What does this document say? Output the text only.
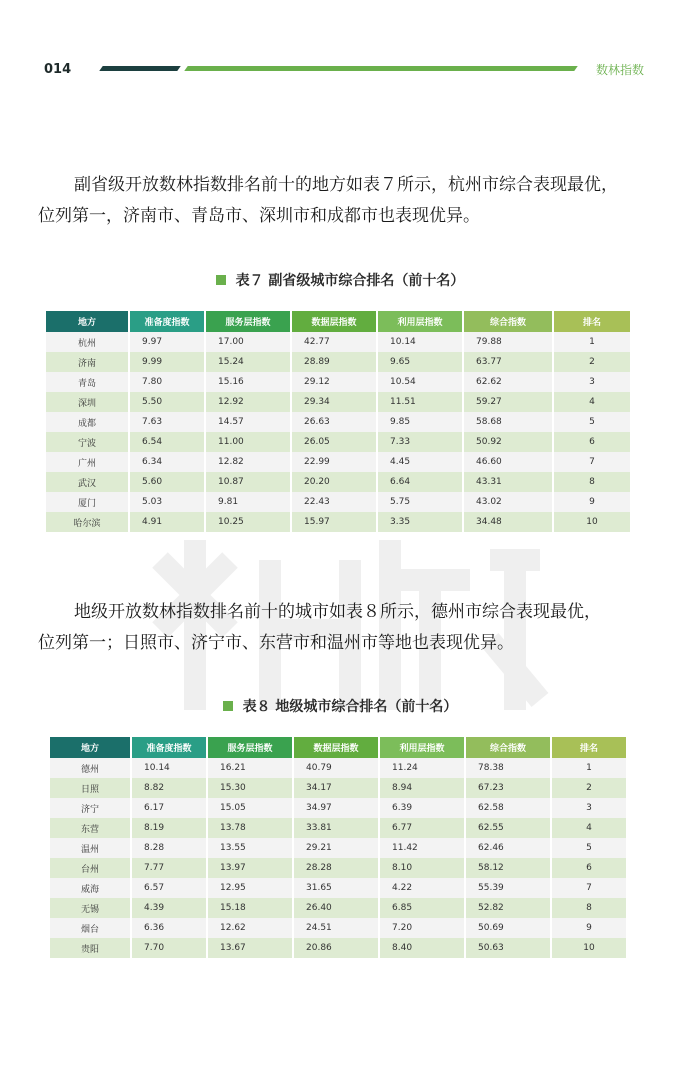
014	数林指数
副省级开放数林指数排名前十的地方如表７所示，杭州市综合表现最优，
位列第一，济南市、青岛市、深圳市和成都市也表现优异。
表７ 副省级城市综合排名（前十名）
地方	准备度指数	服务层指数	数据层指数	利用层指数	综合指数	排名
杭州	9.97	17.00	42.77	10.14	79.88	1
济南	9.99	15.24	28.89	9.65	63.77	2
青岛	7.80	15.16	29.12	10.54	62.62	3
深圳	5.50	12.92	29.34	11.51	59.27	4
成都	7.63	14.57	26.63	9.85	58.68	5
宁波	6.54	11.00	26.05	7.33	50.92	6
广州	6.34	12.82	22.99	4.45	46.60	7
武汉	5.60	10.87	20.20	6.64	43.31	8
厦门	5.03	9.81	22.43	5.75	43.02	9
哈尔滨	4.91	10.25	15.97	3.35	34.48	10
地级开放数林指数排名前十的城市如表８所示，德州市综合表现最优，
位列第一；日照市、济宁市、东营市和温州市等地也表现优异。
表８ 地级城市综合排名（前十名）
地方	准备度指数	服务层指数	数据层指数	利用层指数	综合指数	排名
德州	10.14	16.21	40.79	11.24	78.38	1
日照	8.82	15.30	34.17	8.94	67.23	2
济宁	6.17	15.05	34.97	6.39	62.58	3
东营	8.19	13.78	33.81	6.77	62.55	4
温州	8.28	13.55	29.21	11.42	62.46	5
台州	7.77	13.97	28.28	8.10	58.12	6
威海	6.57	12.95	31.65	4.22	55.39	7
无锡	4.39	15.18	26.40	6.85	52.82	8
烟台	6.36	12.62	24.51	7.20	50.69	9
贵阳	7.70	13.67	20.86	8.40	50.63	10
